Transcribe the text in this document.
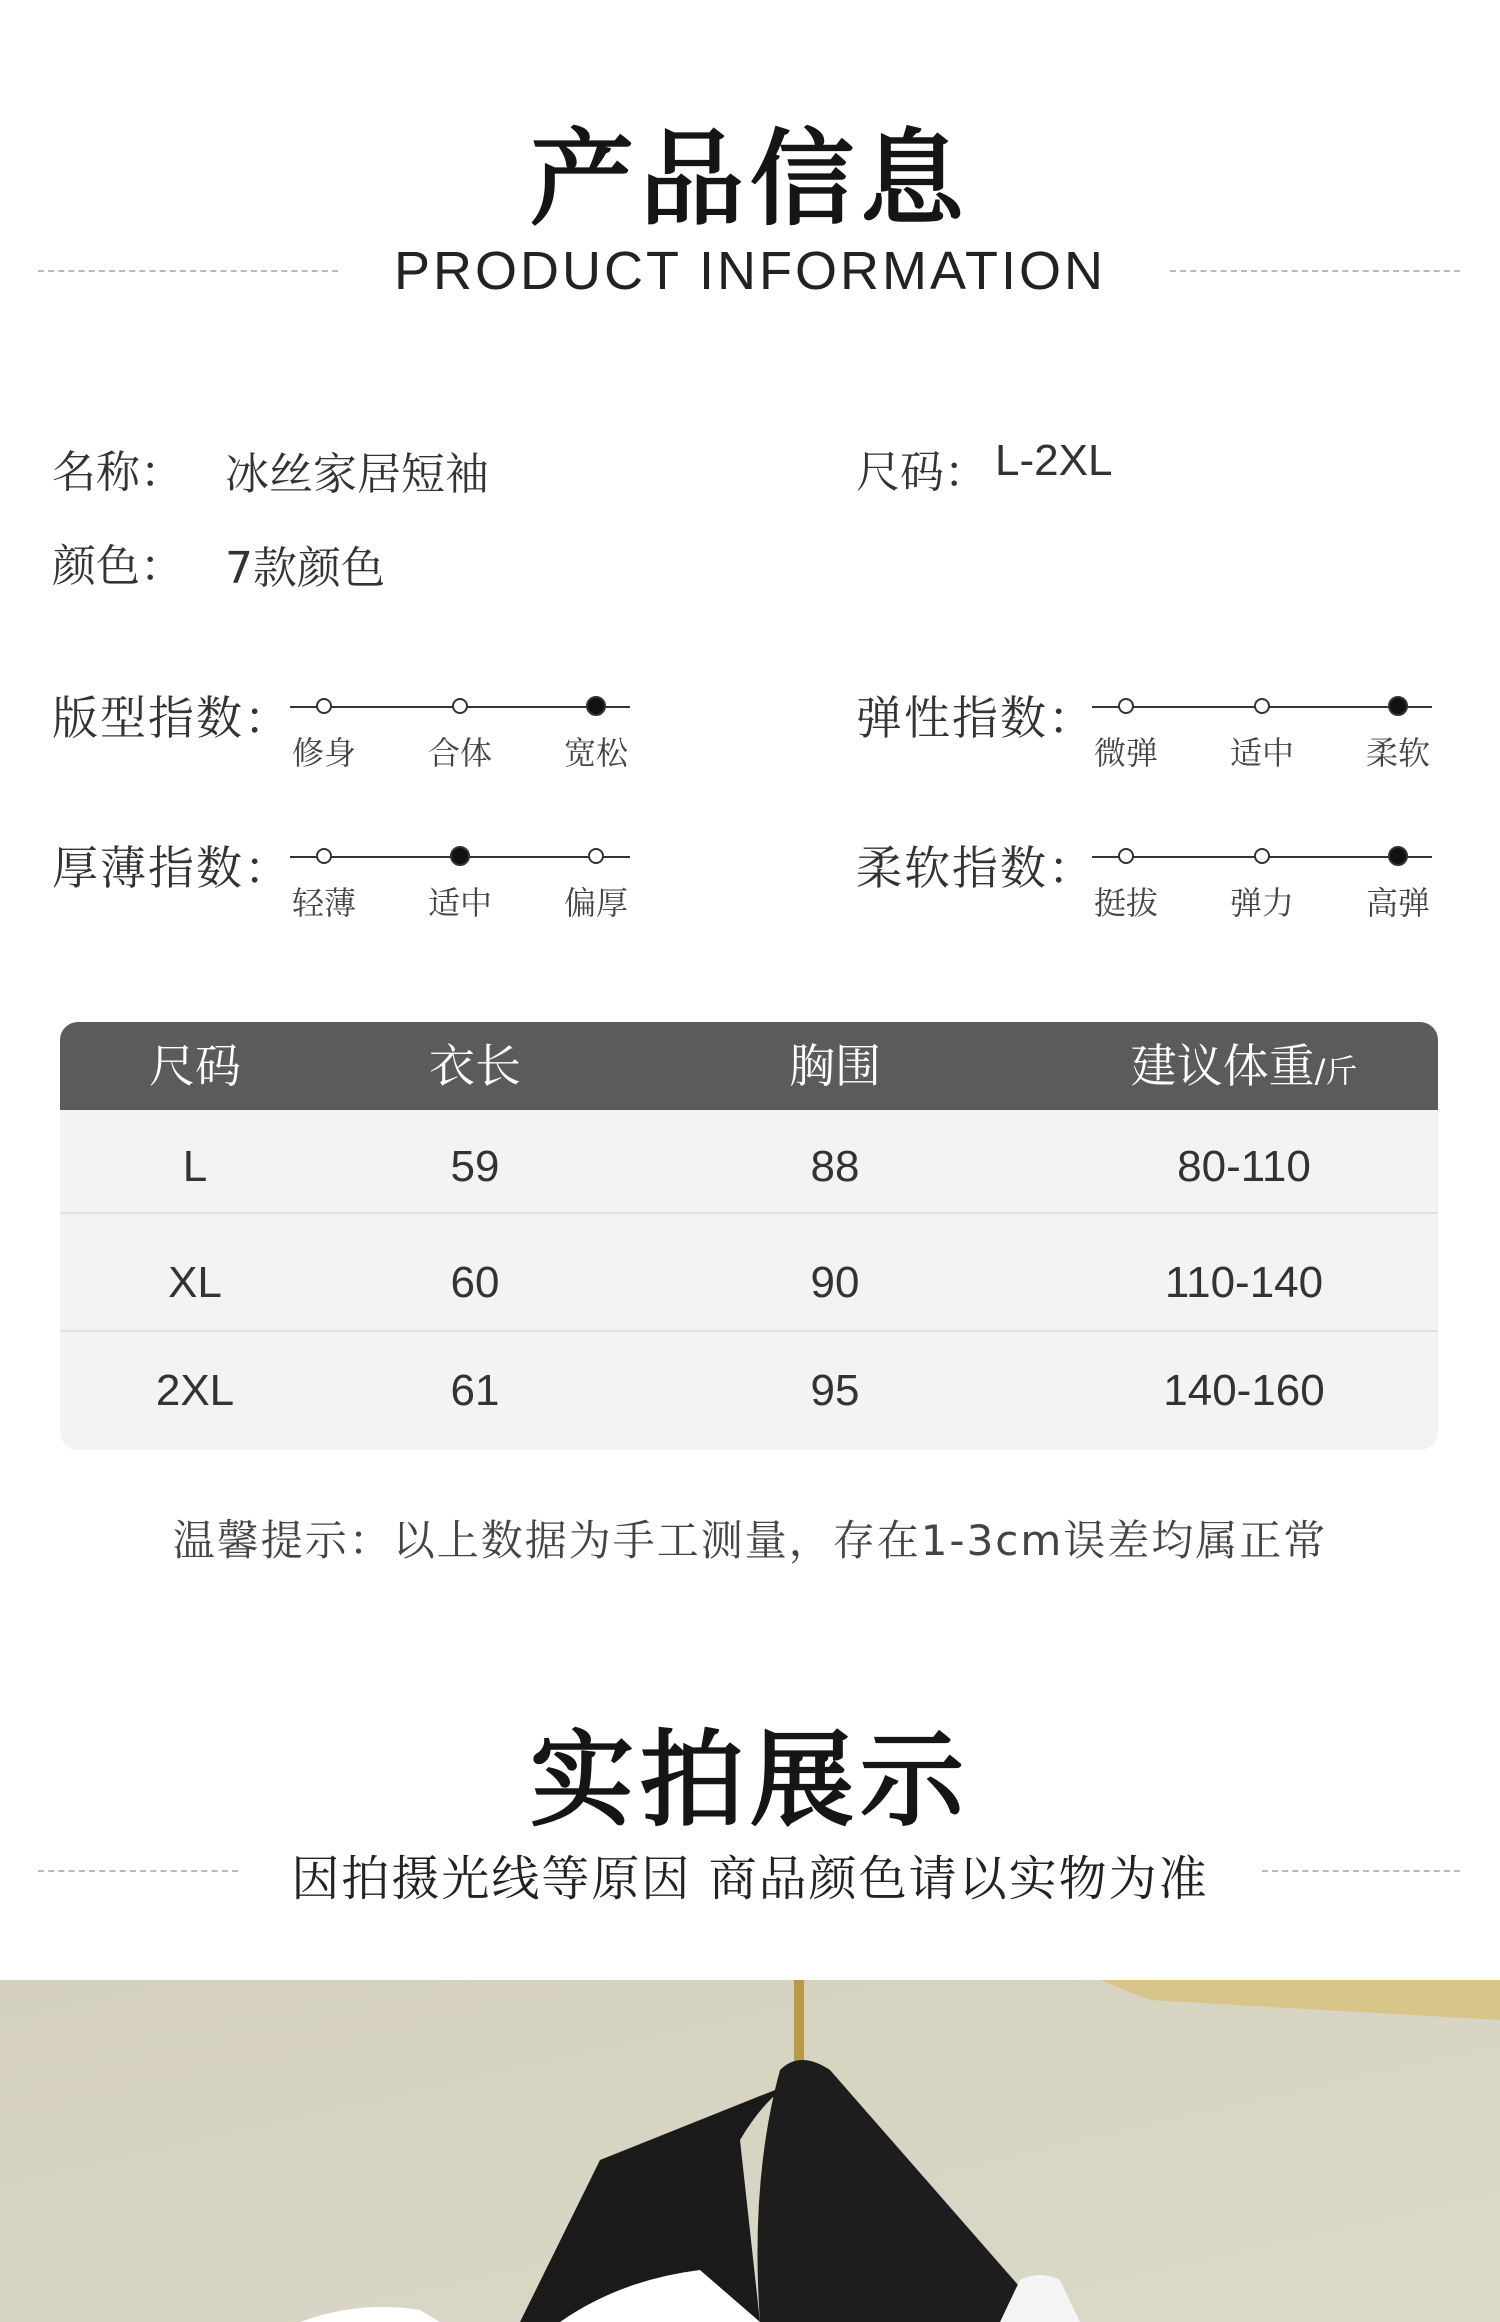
产品信息
PRODUCT INFORMATION
名称： 冰丝家居短袖	尺码： L-2XL
颜色： 7款颜色
版型指数：
修身 合体 宽松
弹性指数：
微弹 适中 柔软
厚薄指数：
轻薄 适中 偏厚
柔软指数：
挺拔 弹力 高弹
尺码	衣长	胸围	建议体重/斤
L	59	88	80-110
XL	60	90	110-140
2XL	61	95	140-160
温馨提示：以上数据为手工测量，存在1-3cm误差均属正常
实拍展示
因拍摄光线等原因 商品颜色请以实物为准
